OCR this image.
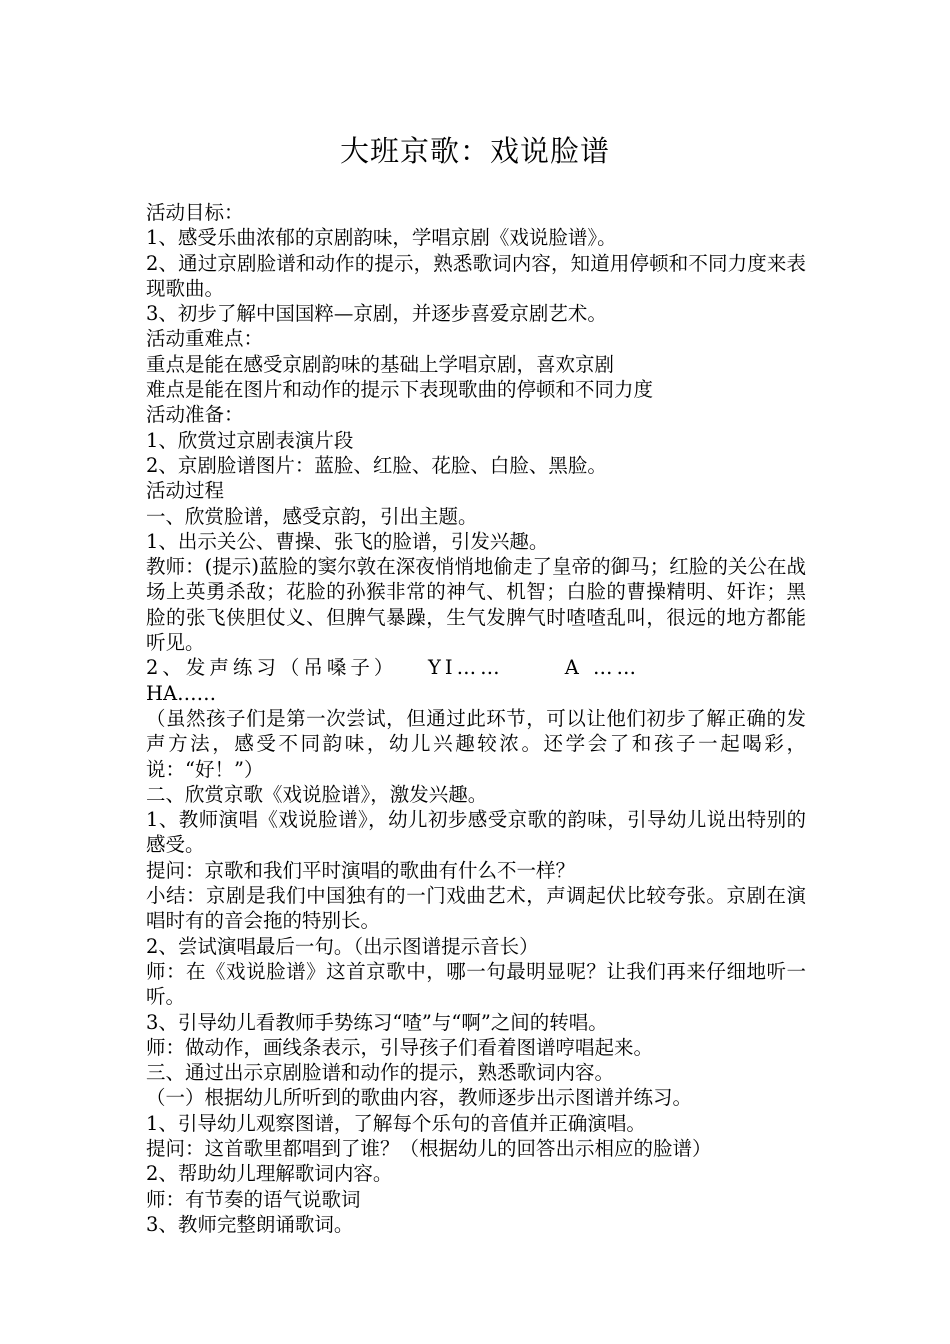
大班京歌：戏说脸谱

活动目标：

1、感受乐曲浓郁的京剧韵味，学唱京剧《戏说脸谱》。

2、通过京剧脸谱和动作的提示，熟悉歌词内容，知道用停顿和不同力度来表现歌曲。

3、初步了解中国国粹—京剧，并逐步喜爱京剧艺术。

活动重难点：

重点是能在感受京剧韵味的基础上学唱京剧，喜欢京剧

难点是能在图片和动作的提示下表现歌曲的停顿和不同力度

活动准备：

1、欣赏过京剧表演片段

2、京剧脸谱图片：蓝脸、红脸、花脸、白脸、黑脸。

活动过程

一、欣赏脸谱，感受京韵，引出主题。

1、出示关公、曹操、张飞的脸谱，引发兴趣。

教师：(提示)蓝脸的窦尔敦在深夜悄悄地偷走了皇帝的御马；红脸的关公在战场上英勇杀敌；花脸的孙猴非常的神气、机智；白脸的曹操精明、奸诈；黑脸的张飞侠胆仗义、但脾气暴躁，生气发脾气时喳喳乱叫，很远的地方都能听见。

2、发声练习（吊嗓子）   YI……      A ……

HA……

（虽然孩子们是第一次尝试，但通过此环节，可以让他们初步了解正确的发声方法，感受不同韵味，幼儿兴趣较浓。还学会了和孩子一起喝彩，说：“好！”）

二、欣赏京歌《戏说脸谱》，激发兴趣。

1、教师演唱《戏说脸谱》，幼儿初步感受京歌的韵味，引导幼儿说出特别的感受。

提问：京歌和我们平时演唱的歌曲有什么不一样？

小结：京剧是我们中国独有的一门戏曲艺术，声调起伏比较夸张。京剧在演唱时有的音会拖的特别长。

2、尝试演唱最后一句。（出示图谱提示音长）

师：在《戏说脸谱》这首京歌中，哪一句最明显呢？让我们再来仔细地听一听。

3、引导幼儿看教师手势练习“喳”与“啊”之间的转唱。

师：做动作，画线条表示，引导孩子们看着图谱哼唱起来。

三、通过出示京剧脸谱和动作的提示，熟悉歌词内容。

（一）根据幼儿所听到的歌曲内容，教师逐步出示图谱并练习。

1、引导幼儿观察图谱，了解每个乐句的音值并正确演唱。

提问：这首歌里都唱到了谁？（根据幼儿的回答出示相应的脸谱）

2、帮助幼儿理解歌词内容。

师：有节奏的语气说歌词

3、教师完整朗诵歌词。
